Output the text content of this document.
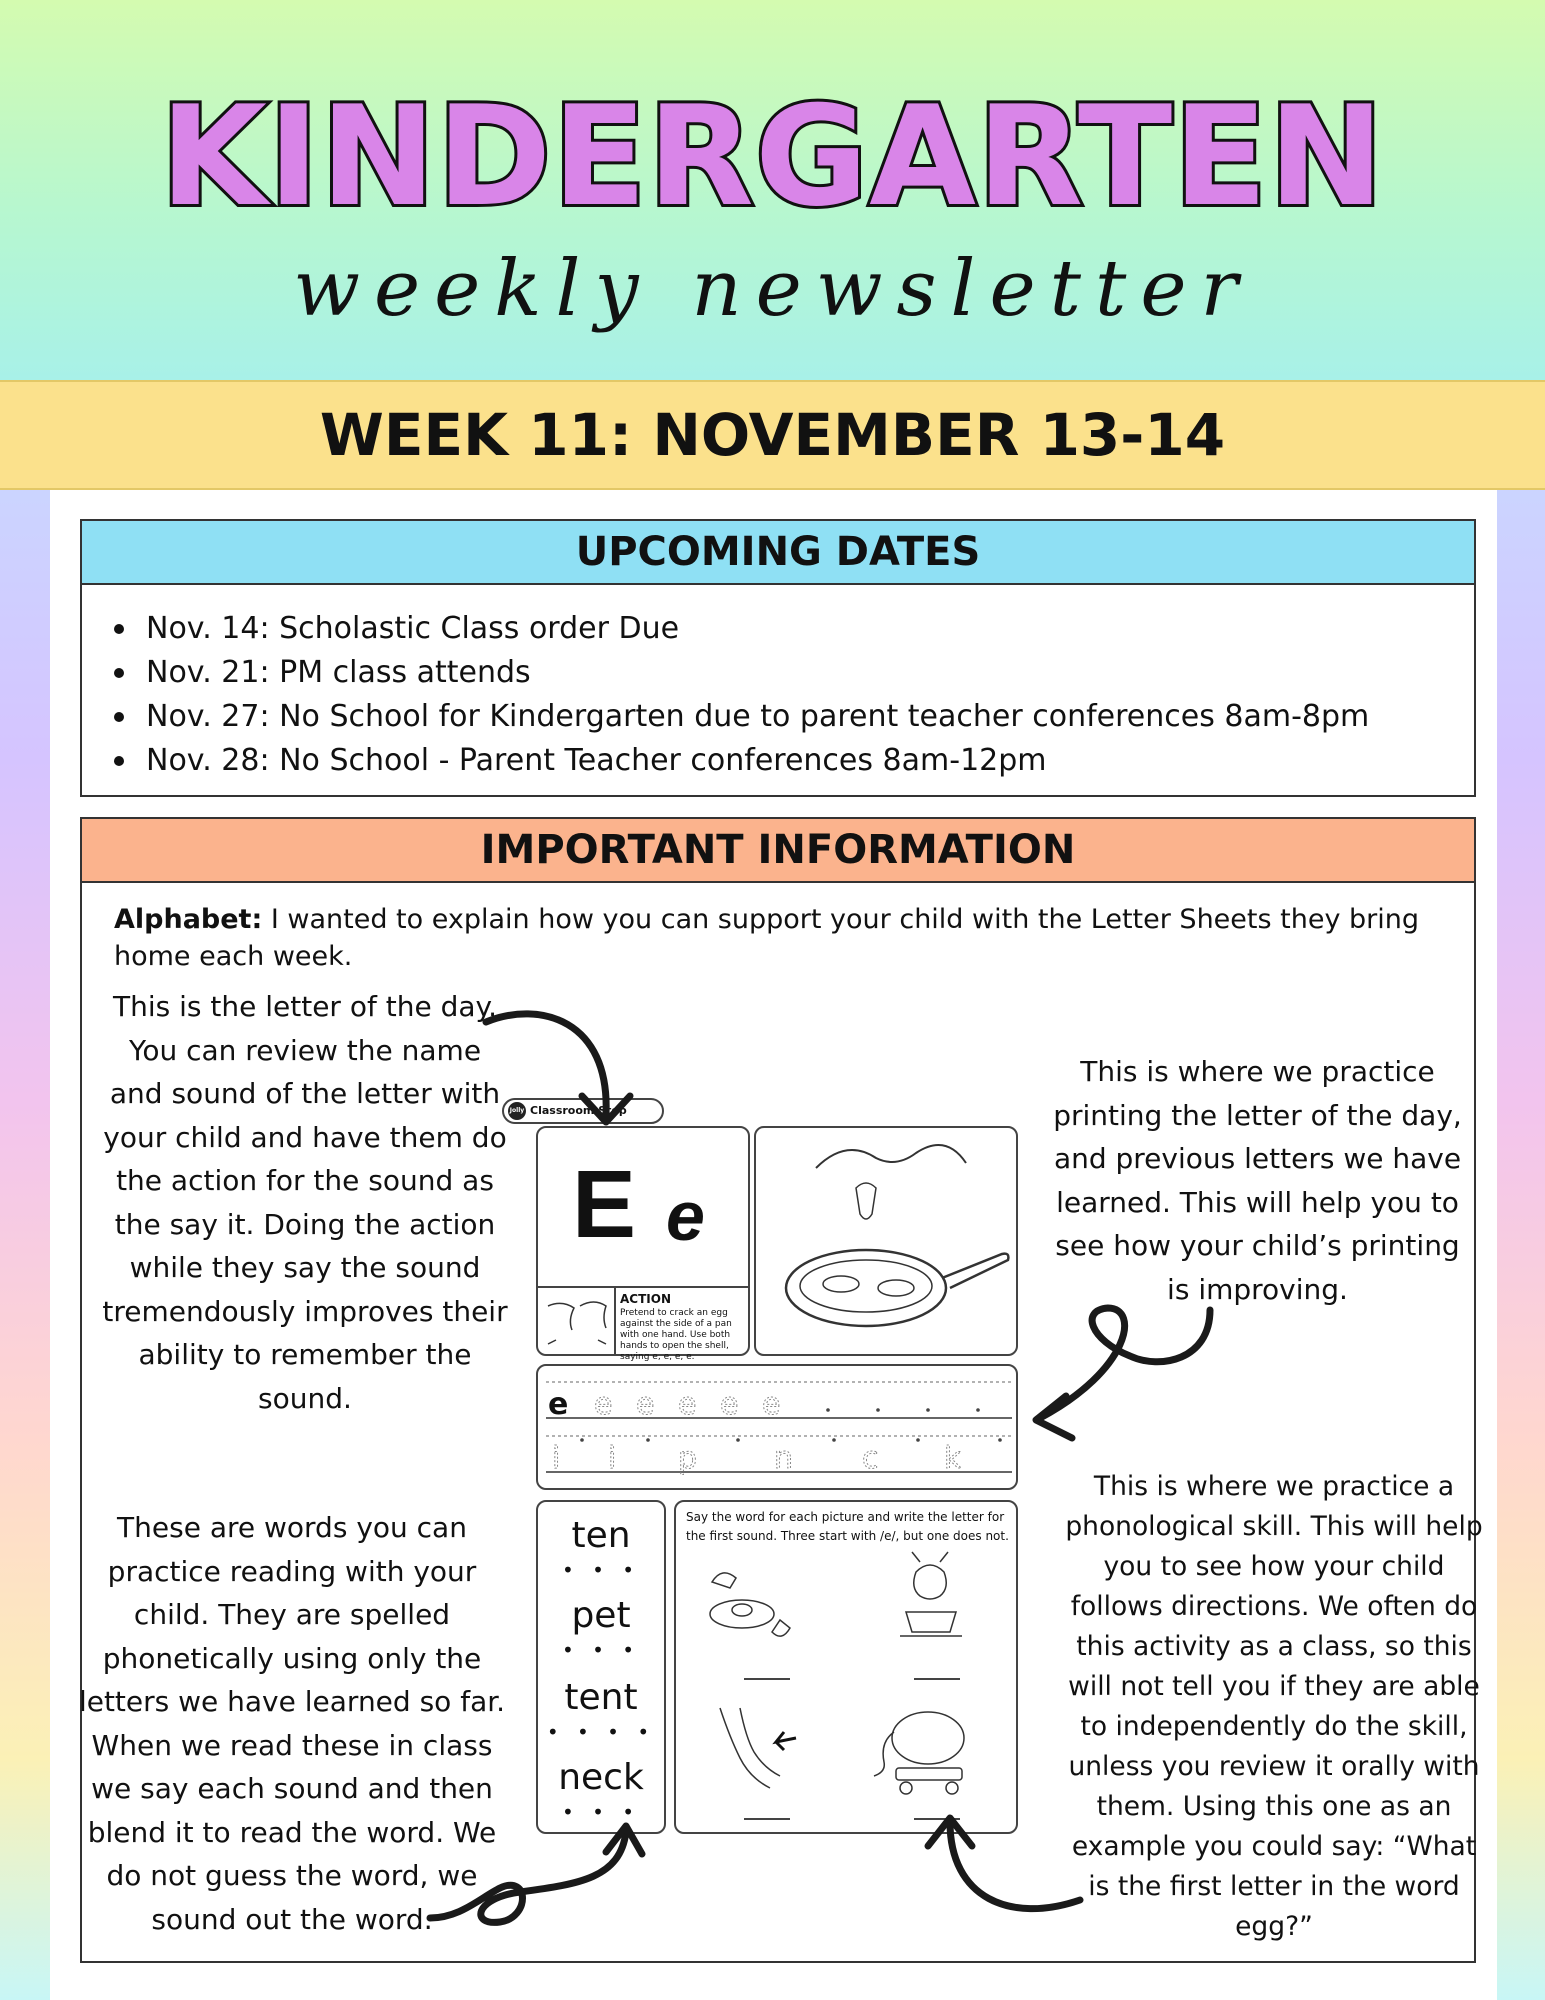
KINDERGARTEN
weekly newsletter
WEEK 11: NOVEMBER 13-14
UPCOMING DATES
Nov. 14: Scholastic Class order Due
Nov. 21: PM class attends
Nov. 27: No School for Kindergarten due to parent teacher conferences 8am-8pm
Nov. 28: No School - Parent Teacher conferences 8am-12pm
IMPORTANT INFORMATION
Alphabet: I wanted to explain how you can support your child with the Letter Sheets they bring home each week.
This is the letter of the day. You can review the name and sound of the letter with your child and have them do the action for the sound as the say it. Doing the action while they say the sound tremendously improves their ability to remember the sound.
This is where we practice printing the letter of the day, and previous letters we have learned. This will help you to see how your child’s printing is improving.
These are words you can practice reading with your child. They are spelled phonetically using only the letters we have learned so far. When we read these in class we say each sound and then blend it to read the word. We do not guess the word, we sound out the word.
This is where we practice a phonological skill. This will help you to see how your child follows directions. We often do this activity as a class, so this will not tell you if they are able to independently do the skill, unless you review it orally with them. Using this one as an example you could say: “What is the first letter in the word egg?”
Jolly Classroom Step
E e
ACTION
Pretend to crack an egg against the side of a pan with one hand. Use both hands to open the shell, saying e, e, e, e.
e e e e e e
i i p	n c k
ten
• • •
pet
• • •
tent
• • • •
neck
• • •
Say the word for each picture and write the letter for the first sound. Three start with /e/, but one does not.
